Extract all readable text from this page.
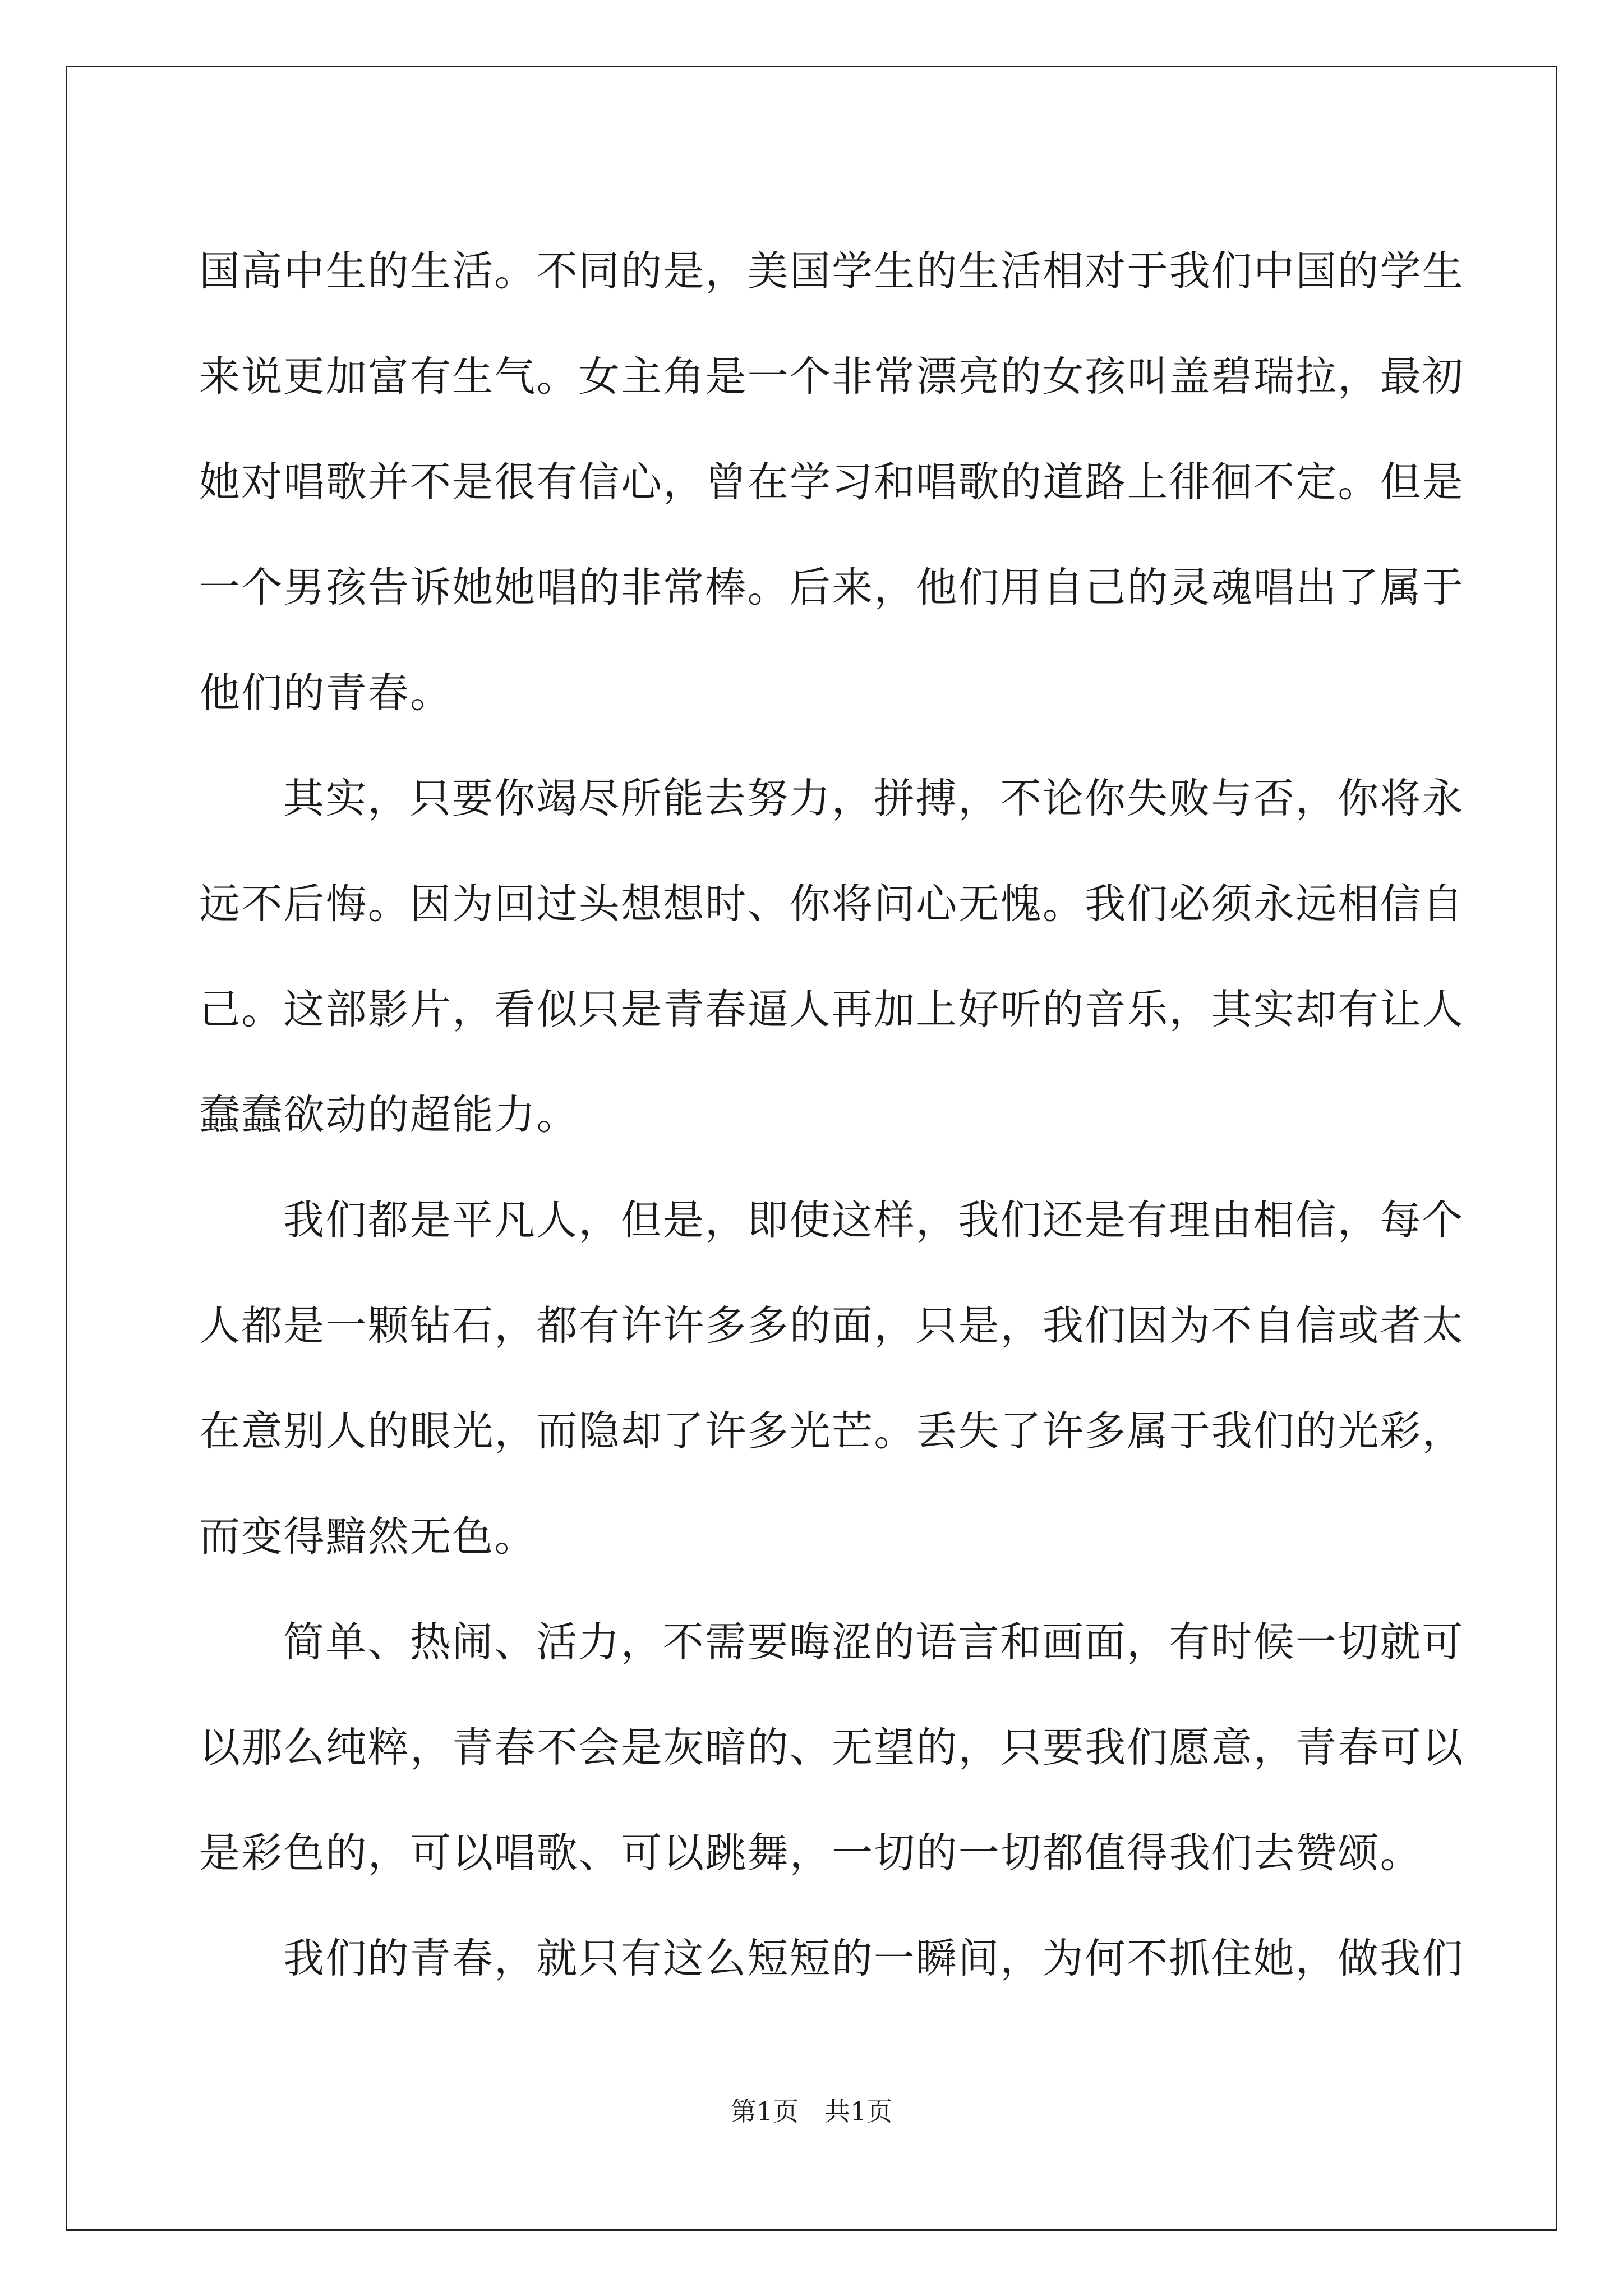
国高中生的生活。不同的是，美国学生的生活相对于我们中国的学生
来说更加富有生气。女主角是一个非常漂亮的女孩叫盖碧瑞拉，最初
她对唱歌并不是很有信心，曾在学习和唱歌的道路上徘徊不定。但是
一个男孩告诉她她唱的非常棒。后来，他们用自己的灵魂唱出了属于
他们的青春。
其实，只要你竭尽所能去努力，拼搏，不论你失败与否，你将永
远不后悔。因为回过头想想时、你将问心无愧。我们必须永远相信自
己。这部影片，看似只是青春逼人再加上好听的音乐，其实却有让人
蠢蠢欲动的超能力。
我们都是平凡人，但是，即使这样，我们还是有理由相信，每个
人都是一颗钻石，都有许许多多的面，只是，我们因为不自信或者太
在意别人的眼光，而隐却了许多光芒。丢失了许多属于我们的光彩，
而变得黯然无色。
简单、热闹、活力，不需要晦涩的语言和画面，有时候一切就可
以那么纯粹，青春不会是灰暗的、无望的，只要我们愿意，青春可以
是彩色的，可以唱歌、可以跳舞，一切的一切都值得我们去赞颂。
我们的青春，就只有这么短短的一瞬间，为何不抓住她，做我们
第1页　共1页
